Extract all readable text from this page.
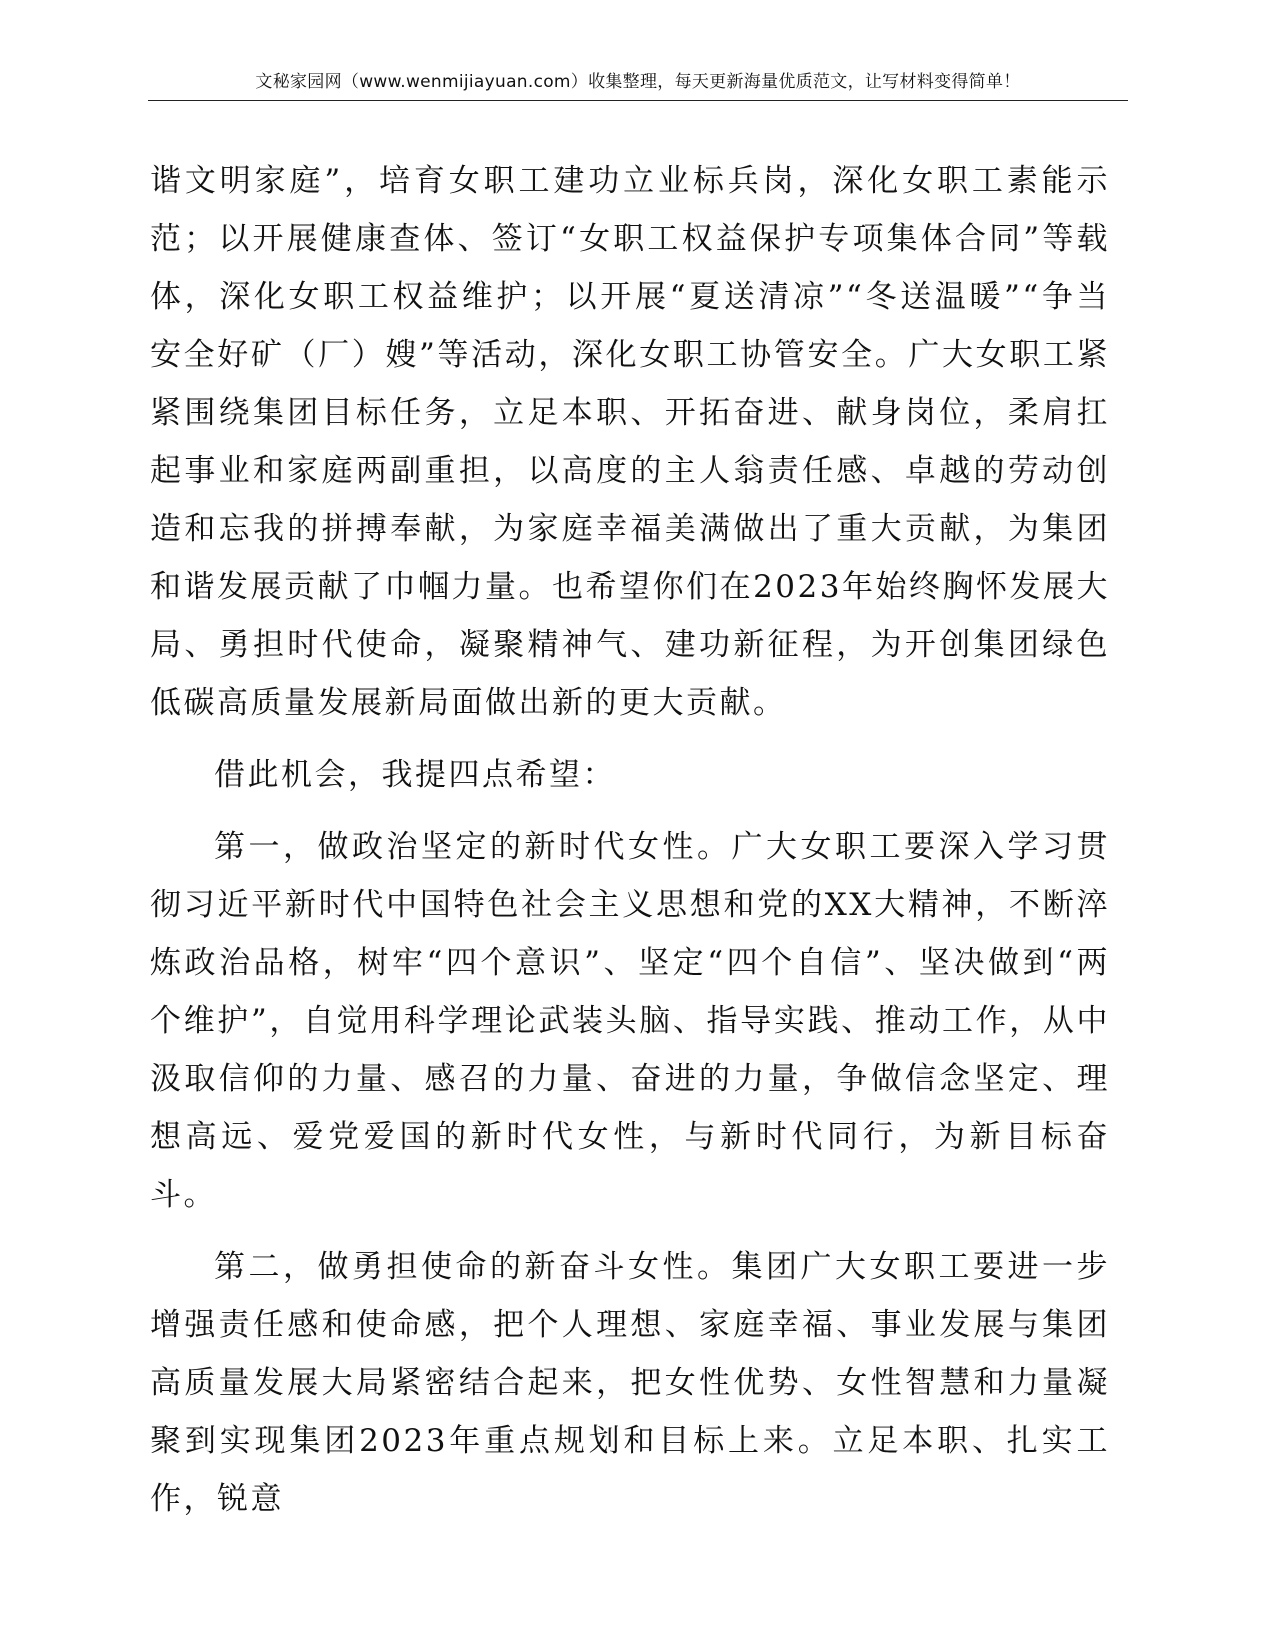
文秘家园网（www.wenmijiayuan.com）收集整理，每天更新海量优质范文，让写材料变得简单！

谐文明家庭”，培育女职工建功立业标兵岗，深化女职工素能示范；以开展健康查体、签订“女职工权益保护专项集体合同”等载体，深化女职工权益维护；以开展“夏送清凉”“冬送温暖”“争当安全好矿（厂）嫂”等活动，深化女职工协管安全。广大女职工紧紧围绕集团目标任务，立足本职、开拓奋进、献身岗位，柔肩扛起事业和家庭两副重担，以高度的主人翁责任感、卓越的劳动创造和忘我的拼搏奉献，为家庭幸福美满做出了重大贡献，为集团和谐发展贡献了巾帼力量。也希望你们在2023年始终胸怀发展大局、勇担时代使命，凝聚精神气、建功新征程，为开创集团绿色低碳高质量发展新局面做出新的更大贡献。

借此机会，我提四点希望：

第一，做政治坚定的新时代女性。广大女职工要深入学习贯彻习近平新时代中国特色社会主义思想和党的XX大精神，不断淬炼政治品格，树牢“四个意识”、坚定“四个自信”、坚决做到“两个维护”，自觉用科学理论武装头脑、指导实践、推动工作，从中汲取信仰的力量、感召的力量、奋进的力量，争做信念坚定、理想高远、爱党爱国的新时代女性，与新时代同行，为新目标奋斗。

第二，做勇担使命的新奋斗女性。集团广大女职工要进一步增强责任感和使命感，把个人理想、家庭幸福、事业发展与集团高质量发展大局紧密结合起来，把女性优势、女性智慧和力量凝聚到实现集团2023年重点规划和目标上来。立足本职、扎实工作，锐意
